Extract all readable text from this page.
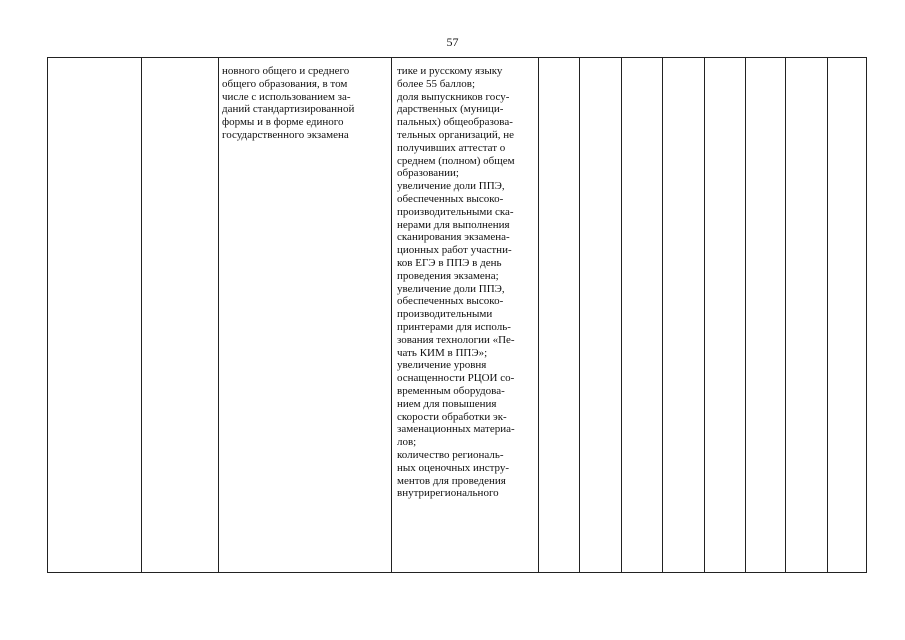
57
новного общего и среднего
общего образования, в том
числе с использованием за-
даний стандартизированной
формы и в форме единого
государственного экзамена
тике и русскому языку
более 55 баллов;
доля выпускников госу-
дарственных (муници-
пальных) общеобразова-
тельных организаций, не
получивших аттестат о
среднем (полном) общем
образовании;
увеличение доли ППЭ,
обеспеченных высоко-
производительными ска-
нерами для выполнения
сканирования экзамена-
ционных работ участни-
ков ЕГЭ в ППЭ в день
проведения экзамена;
увеличение доли ППЭ,
обеспеченных высоко-
производительными
принтерами для исполь-
зования технологии «Пе-
чать КИМ в ППЭ»;
увеличение уровня
оснащенности РЦОИ со-
временным оборудова-
нием для повышения
скорости обработки эк-
заменационных материа-
лов;
количество региональ-
ных оценочных инстру-
ментов для проведения
внутрирегионального
